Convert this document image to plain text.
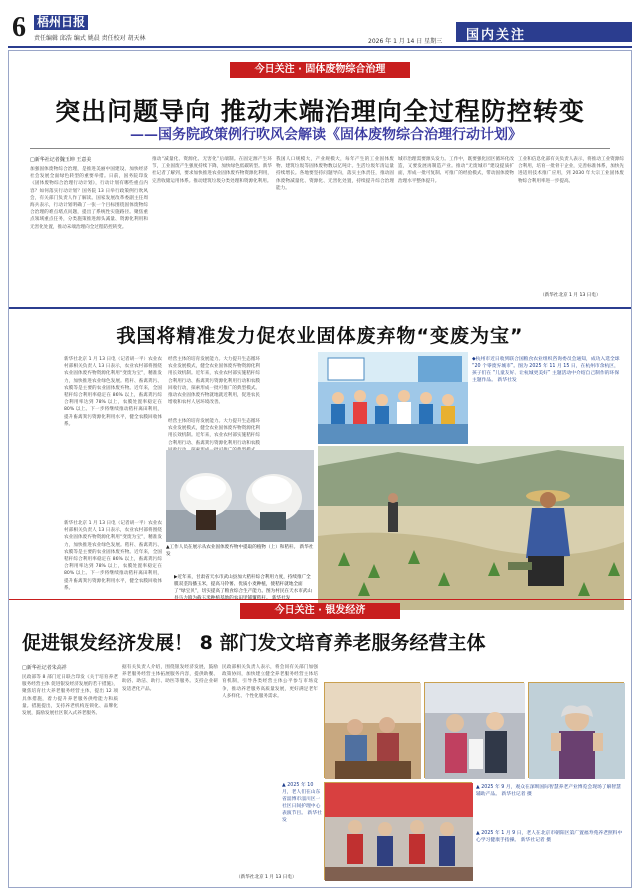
6 梧州日报
责任编辑 邱浩 编式 姚晨 责任校对 胡天林	2026 年 1 月 14 日 星期三 国内关注
今日关注 · 固体废物综合治理
突出问题导向 推动末端治理向全过程防控转变
——国务院政策例行吹风会解读《固体废物综合治理行动计划》
□新华社记者魏玉坤 王意美
加强固体废物综合治理，是推进美丽中国建设、加快经济社会发展全面绿色转型的重要举措。日前，国务院印发《固体废物综合治理行动计划》，行动计划有哪些重点内容？如何落实行动计划？国务院 13 日举行政策例行吹风会，有关部门负责人作了解读。国家发展改革委副主任周海兵表示，行动计划明确了一张一个目标围绕固体废物综合治理的难点堵点问题，提出了系统性实施路径。聚焦重点领域重点任务，分类施策推进源头减量、资源化利用和无害化处置，推动末端治理向全过程防控转变。
推动“减量化、资源化、无害化”后端制。在固定源产生环节，工业固废产生强度持续下降，加快绿色低碳转型。新华社记者了解到，要求加快推进农业固体废弃物资源化利用，完善收储运用体系。推动建筑垃圾分类处理和资源化利用。
我国人口规模大，产业规模大，每年产生的工业固体废物、建筑垃圾等固体废物数以亿吨计。生活垃圾年清运量持续增长。各地要坚持问题导向，落实主体责任，推动固体废物减量化、资源化、无害化处置，持续提升综合治理能力。
城市治理需要源头发力。工作中，既要强化园区循环化改造，又要发展再制造产业。推动“无废城市”建设提质扩面，形成一批可复制、可推广的经验模式，带动固体废物治理水平整体提升。
工业和信息化部有关负责人表示，将推动工业资源综合利用，培育一批骨干企业，完善标准体系，加快先进适用技术推广应用，到 2030 年大宗工业固体废物综合利用率进一步提高。
（新华社北京 1 月 13 日电）
我国将精准发力促农业固体废弃物“变废为宝”
新华社北京 1 月 13 日电（记者胡一平）农业农村部相关负责人 13 日表示，农业农村部将围绕农业固体废弃物资源化利用“变废为宝”，精准发力，加快推进农业绿色发展。秸秆、畜禽粪污、农膜等是主要的农业固体废弃物。近年来，全国秸秆综合利用率稳定在 86% 以上，畜禽粪污综合利用率达到 78% 以上，农膜处置率稳定在 80% 以上。下一步将继续推动秸秆离田利用，提升畜禽粪污资源化利用水平，健全农膜回收体系。
经营主体的培育发展能力。大力提升生态循环农业发展模式，健全农业固体废弃物资源化利用长效机制。近年来，农业农村部实施秸秆综合利用行动、畜禽粪污资源化利用行动和农膜回收行动，探索形成一批可推广的典型模式。推动农业固体废弃物就地就近利用，促进农民增收和农村人居环境改善。
新华社北京 1 月 13 日电（记者胡一平）农业农村部相关负责人 13 日表示，农业农村部将围绕农业固体废弃物资源化利用“变废为宝”，精准发力，加快推进农业绿色发展。秸秆、畜禽粪污、农膜等是主要的农业固体废弃物。近年来，全国秸秆综合利用率稳定在 86% 以上，畜禽粪污综合利用率达到 78% 以上，农膜处置率稳定在 80% 以上。下一步将继续推动秸秆离田利用，提升畜禽粪污资源化利用水平，健全农膜回收体系。
经营主体的培育发展能力。大力提升生态循环农业发展模式，健全农业固体废弃物资源化利用长效机制。近年来，农业农村部实施秸秆综合利用行动、畜禽粪污资源化利用行动和农膜
▲工作人员在展示从农业固体废弃物中提取的植物（上）和秸秆。 新华社发
◆杭州市近日收到联合国粮食农业组织咨询委员会通知，成功入选全球 “20 个零废弃城市”。图为 2025 年 11 月 15 日，在杭州市余杭区，孩子们在 “儿童友好、让杭城更美好” 主题活动中介绍自己制作的环保主题作品。 新华社发
▶近年来，甘肃省天水市武山县加大秸秆综合利用力度，持续推广全膜双垄沟播玉米，提高马铃薯、优质小麦种植，使秸秆就地全面了“绿宝贝”，切实提高了粮食综合生产能力。图为村民在天水市武山
今日关注 · 银发经济
促进银发经济发展！ 8 部门发文培育养老服务经营主体
□新华社记者朱高祥
民政部等 8 部门近日联合印发《关于培育养老服务经营主体 促进银发经济发展的若干措施》，聚焦培育壮大养老服务经营主体，提出 12 项具体措施，着力提升养老服务供给能力和质量。措施提出，支持养老机构连锁化、品牌化发展，鼓励发展社区嵌入式养老服务。
据有关负责人介绍，围绕银发经济发展，鼓励养老服务经营主体拓展服务内容，提供助餐、助浴、助洁、助行、助医等服务。支持企业研发适老化产品。
民政部相关负责人表示，将会同有关部门加强政策协同，加快建立健全养老服务经营主体培育机制，引导各类经营主体公平参与市场竞争，推动养老服务高质量发展，更好满足老年人多样化、个性化服务需求。
（新华社北京 1 月 13 日电）
▲ 2025 年 10 月，老人们在山东省淄博市淄川区一社区日间护理中心表演节目。 新华社发
▲ 2025 年 9 月，观众在深圳国际智慧养老产业博览会现场了解智慧辅助产品。 新华社记者 摄
▲ 2025 年 1 月 9 日，老人在北京市朝阳区第广置福寿苑养老照料中心学习健康手指操。 新华社记者 摄
